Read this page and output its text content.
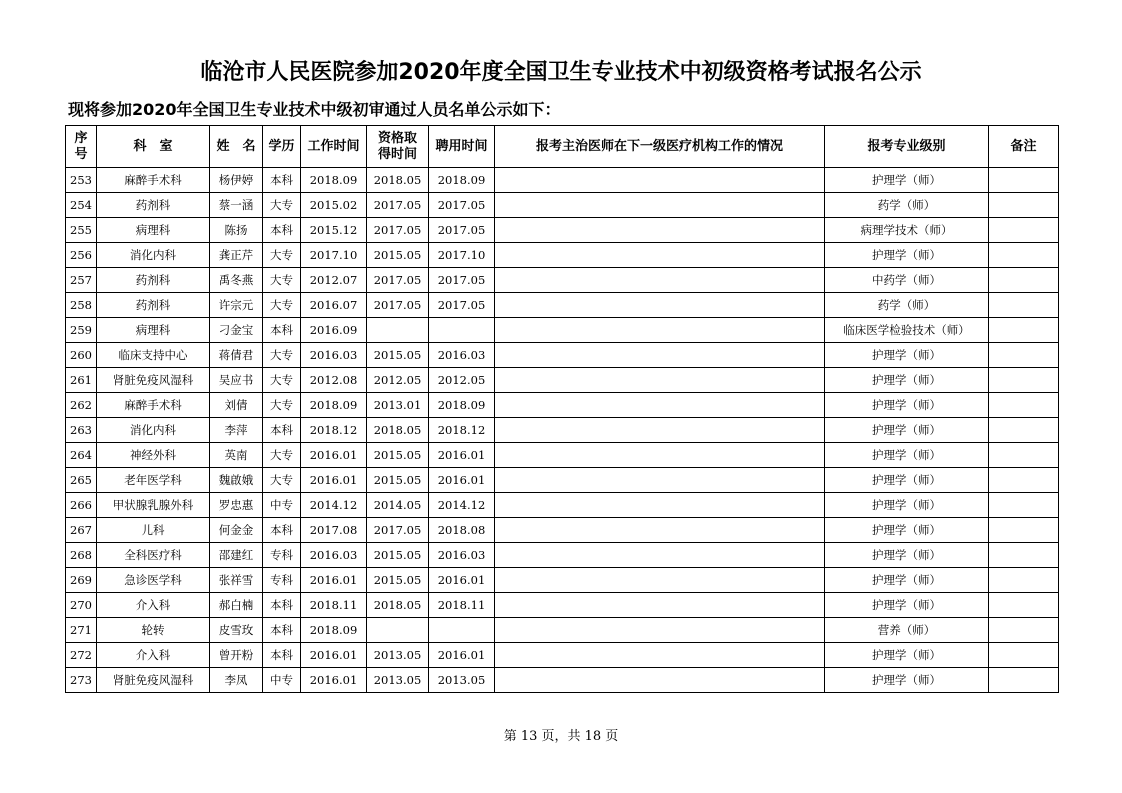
临沧市人民医院参加2020年度全国卫生专业技术中初级资格考试报名公示
现将参加2020年全国卫生专业技术中级初审通过人员名单公示如下：
序号	科　室	姓　名	学历	工作时间	资格取得时间	聘用时间	报考主治医师在下一级医疗机构工作的情况	报考专业级别	备注
253	麻醉手术科	杨伊婷	本科	2018.09	2018.05	2018.09		护理学（师）	
254	药剂科	蔡一涵	大专	2015.02	2017.05	2017.05		药学（师）	
255	病理科	陈扬	本科	2015.12	2017.05	2017.05		病理学技术（师）	
256	消化内科	龚正芹	大专	2017.10	2015.05	2017.10		护理学（师）	
257	药剂科	禹冬燕	大专	2012.07	2017.05	2017.05		中药学（师）	
258	药剂科	许宗元	大专	2016.07	2017.05	2017.05		药学（师）	
259	病理科	刁金宝	本科	2016.09				临床医学检验技术（师）	
260	临床支持中心	蒋倩君	大专	2016.03	2015.05	2016.03		护理学（师）	
261	肾脏免疫风湿科	吴应书	大专	2012.08	2012.05	2012.05		护理学（师）	
262	麻醉手术科	刘倩	大专	2018.09	2013.01	2018.09		护理学（师）	
263	消化内科	李萍	本科	2018.12	2018.05	2018.12		护理学（师）	
264	神经外科	英南	大专	2016.01	2015.05	2016.01		护理学（师）	
265	老年医学科	魏啟娥	大专	2016.01	2015.05	2016.01		护理学（师）	
266	甲状腺乳腺外科	罗忠惠	中专	2014.12	2014.05	2014.12		护理学（师）	
267	儿科	何金金	本科	2017.08	2017.05	2018.08		护理学（师）	
268	全科医疗科	邵建红	专科	2016.03	2015.05	2016.03		护理学（师）	
269	急诊医学科	张祥雪	专科	2016.01	2015.05	2016.01		护理学（师）	
270	介入科	郝白楠	本科	2018.11	2018.05	2018.11		护理学（师）	
271	轮转	皮雪玫	本科	2018.09				营养（师）	
272	介入科	曾开粉	本科	2016.01	2013.05	2016.01		护理学（师）	
273	肾脏免疫风湿科	李凤	中专	2016.01	2013.05	2013.05		护理学（师）	
第 13 页，共 18 页
